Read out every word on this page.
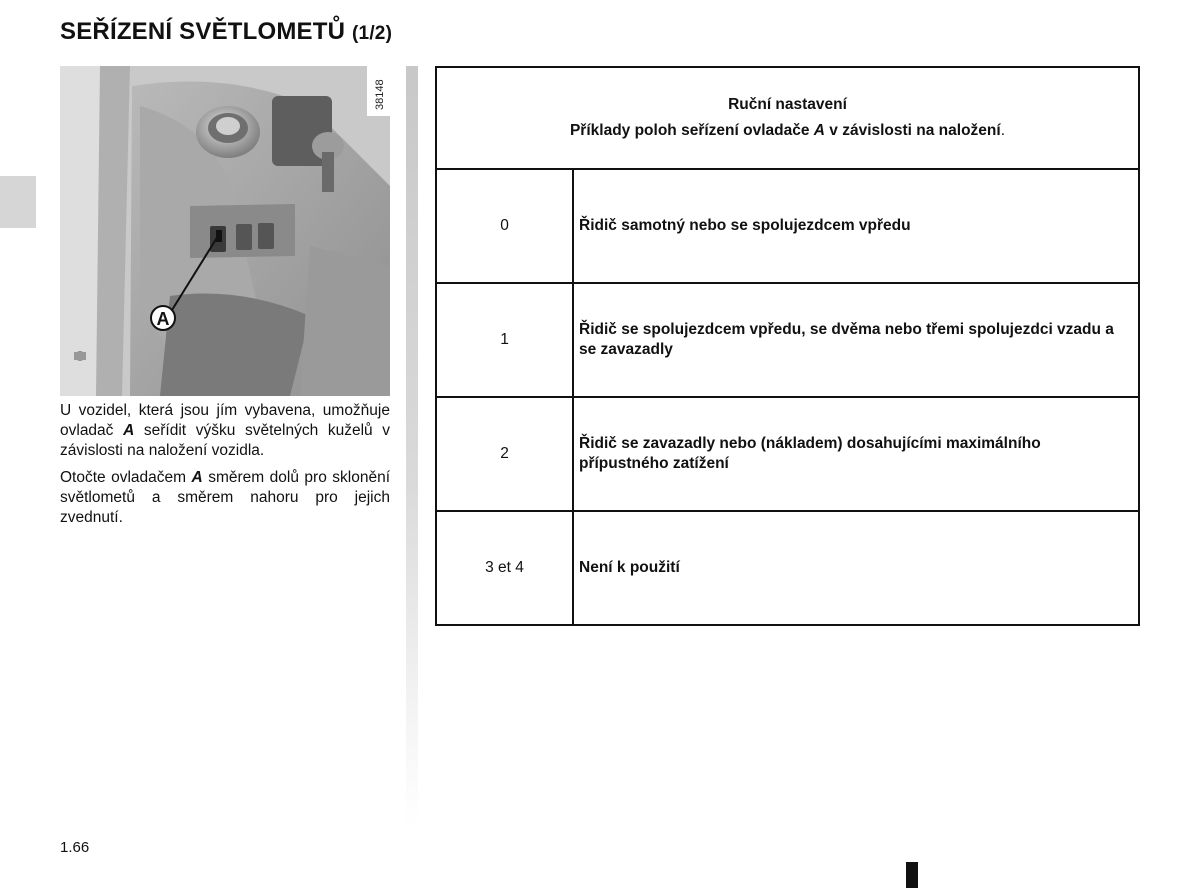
SEŘÍZENÍ SVĚTLOMETŮ (1/2)
A
38148

U vozidel, která jsou jím vybavena, umožňuje ovladač A seřídit výšku světelných kuželů v závislosti na naložení vozidla.

Otočte ovladačem A směrem dolů pro sklonění světlometů a směrem nahoru pro jejich zvednutí.

Ruční nastavení
Příklady poloh seřízení ovladače A v závislosti na naložení.	

0	Řidič samotný nebo se spolujezdcem vpředu
1	Řidič se spolujezdcem vpředu, se dvěma nebo třemi spolujezdci vzadu a se zavazadly
2	Řidič se zavazadly nebo (nákladem) dosahujícími maximálního přípustného zatížení
3 et 4	Není k použití
1.66
